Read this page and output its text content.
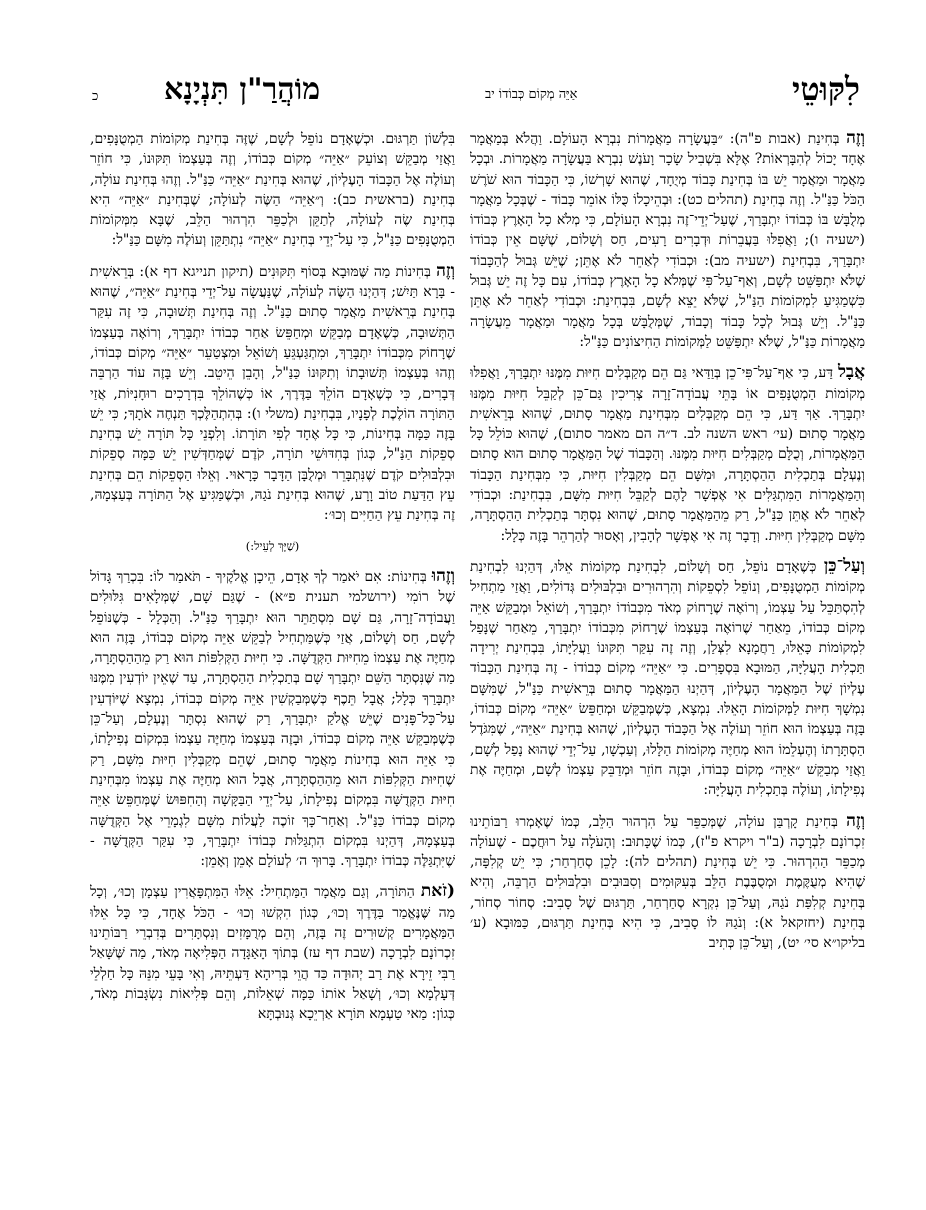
לִקּוּטֵי
אַיֵּה מְקוֹם כְּבוֹדוֹ יב
מוֹהֲרַ"ן תִּנְיָנָא
כ

וְזֶה בְּחִינַת (אבות פ"ה): ״בַּעֲשָׂרָה מַאֲמָרוֹת נִבְרָא הָעוֹלָם. וַהֲלֹא בְּמַאֲמָר אֶחָד יָכוֹל לְהִבָּרְאוֹת? אֶלָּא בִּשְׁבִיל שָׂכָר וָעֹנֶשׁ נִבְרָא בַּעֲשָׂרָה מַאֲמָרוֹת. וּבְכָל מַאֲמָר וּמַאֲמָר יֵשׁ בּוֹ בְּחִינַת כָּבוֹד מְיֻחָד, שֶׁהוּא שָׁרְשׁוֹ, כִּי הַכָּבוֹד הוּא שֹׁרֶשׁ הַכֹּל כַּנַּ"ל. וְזֶה בְּחִינַת (תהלים כט): וּבְהֵיכָלוֹ כֻּלּוֹ אוֹמֵר כָּבוֹד - שֶׁבְּכָל מַאֲמָר מְלֻבָּשׁ בּוֹ כְּבוֹדוֹ יִתְבָּרַךְ, שֶׁעַל־יְדֵי־זֶה נִבְרָא הָעוֹלָם, כִּי מְלֹא כָל הָאָרֶץ כְּבוֹדוֹ (ישעיה ו); וַאֲפִלּוּ בַּעֲבֵרוֹת וּדְבָרִים רָעִים, חַס וְשָׁלוֹם, שֶׁשָּׁם אֵין כְּבוֹדוֹ יִתְבָּרַךְ, בִּבְחִינַת (ישעיה מב): וּכְבוֹדִי לְאַחֵר לֹא אֶתֵּן; שֶׁיֵּשׁ גְּבוּל לְהַכָּבוֹד שֶׁלֹּא יִתְפַּשֵּׁט לְשָׁם, וְאַף־עַל־פִּי שֶׁמְּלֹא כָל הָאָרֶץ כְּבוֹדוֹ, עִם כָּל זֶה יֵשׁ גְּבוּל כִּשְׁמַגִּיעַ לִמְקוֹמוֹת הַנַּ"ל, שֶׁלֹּא יֵצֵא לְשָׁם, בִּבְחִינַת: וּכְבוֹדִי לְאַחֵר לֹא אֶתֵּן כַּנַּ"ל. וְיֵשׁ גְּבוּל לְכָל כָּבוֹד וְכָבוֹד, שֶׁמְּלֻבָּשׁ בְּכָל מַאֲמָר וּמַאֲמָר מֵעֲשָׂרָה מַאֲמָרוֹת כַּנַּ"ל, שֶׁלֹּא יִתְפַּשֵּׁט לַמְּקוֹמוֹת הַחִיצוֹנִים כַּנַּ"ל:

אֲבָל דַּע, כִּי אַף־עַל־פִּי־כֵן בְּוַדַּאי גַּם הֵם מְקַבְּלִים חִיּוּת מִמֶּנּוּ יִתְבָּרַךְ, וַאֲפִלּוּ מְקוֹמוֹת הַמְטֻנָּפִים אוֹ בָּתֵּי עֲבוֹדָה־זָרָה צְרִיכִין גַּם־כֵּן לְקַבֵּל חִיּוּת מִמֶּנּוּ יִתְבָּרַךְ. אַךְ דַּע, כִּי הֵם מְקַבְּלִים מִבְּחִינַת מַאֲמָר סָתוּם, שֶׁהוּא בְּרֵאשִׁית מַאֲמָר סָתוּם (עי׳ ראש השנה לב. ד״ה הם מאמר סתום), שֶׁהוּא כּוֹלֵל כָּל הַמַּאֲמָרוֹת, וְכֻלָּם מְקַבְּלִים חִיּוּת מִמֶּנּוּ. וְהַכָּבוֹד שֶׁל הַמַּאֲמָר סָתוּם הוּא סָתוּם וְנֶעְלָם בְּתַכְלִית הַהַסְתָּרָה, וּמִשָּׁם הֵם מְקַבְּלִין חִיּוּת, כִּי מִבְּחִינַת הַכָּבוֹד וְהַמַּאֲמָרוֹת הַמִּתְגַּלִּים אִי אֶפְשָׁר לָהֶם לְקַבֵּל חִיּוּת מִשָּׁם, בִּבְחִינַת: וּכְבוֹדִי לְאַחֵר לֹא אֶתֵּן כַּנַּ"ל, רַק מֵהַמַּאֲמָר סָתוּם, שֶׁהוּא נִסְתָּר בְּתַכְלִית הַהַסְתָּרָה, מִשָּׁם מְקַבְּלִין חִיּוּת. וְדָבָר זֶה אִי אֶפְשָׁר לְהָבִין, וְאָסוּר לְהַרְהֵר בָּזֶה כְּלָל:

וְעַל־כֵּן כְּשֶׁאָדָם נוֹפֵל, חַס וְשָׁלוֹם, לִבְחִינַת מְקוֹמוֹת אֵלּוּ, דְּהַיְנוּ לִבְחִינַת מְקוֹמוֹת הַמְטֻנָּפִים, וְנוֹפֵל לִסְפֵקוֹת וְהִרְהוּרִים וּבִלְבּוּלִים גְּדוֹלִים, וַאֲזַי מַתְחִיל לְהִסְתַּכֵּל עַל עַצְמוֹ, וְרוֹאֶה שֶׁרָחוֹק מְאֹד מִכְּבוֹדוֹ יִתְבָּרַךְ, וְשׁוֹאֵל וּמְבַקֵּשׁ אַיֵּה מְקוֹם כְּבוֹדוֹ, מֵאַחַר שֶׁרוֹאֶה בְּעַצְמוֹ שֶׁרָחוֹק מִכְּבוֹדוֹ יִתְבָּרַךְ, מֵאַחַר שֶׁנָּפַל לִמְקוֹמוֹת כָּאֵלּוּ, רַחֲמָנָא לִצְּלַן, וְזֶה זֶה עִקַּר תִּקּוּנוֹ וַעֲלִיָּתוֹ, בִּבְחִינַת יְרִידָה תַּכְלִית הָעֲלִיָּה, הַמּוּבָא בִּסְפָרִים. כִּי ״אַיֵּה״ מְקוֹם כְּבוֹדוֹ - זֶה בְּחִינַת הַכָּבוֹד עֶלְיוֹן שֶׁל הַמַּאֲמָר הָעֶלְיוֹן, דְּהַיְנוּ הַמַּאֲמָר סָתוּם בְּרֵאשִׁית כַּנַּ"ל, שֶׁמִּשָּׁם נִמְשָׁךְ חִיּוּת לַמְּקוֹמוֹת הָאֵלּוּ. נִמְצָא, כְּשֶׁמְּבַקֵּשׁ וּמְחַפֵּשׂ ״אַיֵּה״ מְקוֹם כְּבוֹדוֹ, בָּזֶה בְּעַצְמוֹ הוּא חוֹזֵר וְעוֹלֶה אֶל הַכָּבוֹד הָעֶלְיוֹן, שֶׁהוּא בְּחִינַת ״אַיֵּה״, שֶׁמִּגֹּדֶל הַסְתָּרָתוֹ וְהֶעְלֵמוֹ הוּא מְחַיֶּה מְקוֹמוֹת הַלָּלוּ, וְעַכְשָׁו, עַל־יְדֵי שֶׁהוּא נָפַל לְשָׁם, וַאֲזַי מְבַקֵּשׁ ״אַיֵּה״ מְקוֹם כְּבוֹדוֹ, וּבָזֶה חוֹזֵר וּמְדַבֵּק עַצְמוֹ לְשָׁם, וּמְחַיֶּה אֶת נְפִילָתוֹ, וְעוֹלֶה בְּתַכְלִית הָעֲלִיָּה:

וְזֶה בְּחִינַת קָרְבַּן עוֹלָה, שֶׁמְּכַפֵּר עַל הִרְהוּר הַלֵּב, כְּמוֹ שֶׁאָמְרוּ רַבּוֹתֵינוּ זִכְרוֹנָם לִבְרָכָה (ב"ר ויקרא פ"ז), כְּמוֹ שֶׁכָּתוּב: וְהָעֹלָה עַל רוּחֲכֶם - שֶׁעוֹלָה מְכַפֵּר הַהִרְהוּר. כִּי יֵשׁ בְּחִינַת (תהלים לה): לָכֵן סְחַרְחַר; כִּי יֵשׁ קְלִפָּה, שֶׁהִיא מְעֻקֶּמֶת וּמְסֻבֶּבֶת הַלֵּב בְּעִקּוּמִים וְסִבּוּבִים וּבִלְבּוּלִים הַרְבֵּה, וְהִיא בְּחִינַת קְלִפַּת נֹגַהּ, וְעַל־כֵּן נִקְרָא סְחַרְחַר, תַּרְגּוּם שֶׁל סָבִיב: סְחוֹר סְחוֹר, בְּחִינַת (יחזקאל א): וְנֹגַהּ לוֹ סָבִיב, כִּי הִיא בְּחִינַת תַּרְגּוּם, כַּמּוּבָא (ע׳ בליקו״א סי׳ יט), וְעַל־כֵּן כְּתִיב

בִּלְשׁוֹן תַּרְגּוּם. וּכְשֶׁאָדָם נוֹפֵל לְשָׁם, שֶׁזֶּה בְּחִינַת מְקוֹמוֹת הַמְטֻנָּפִים, וַאֲזַי מְבַקֵּשׁ וְצוֹעֵק ״אַיֵּה״ מְקוֹם כְּבוֹדוֹ, וְזֶה בְּעַצְמוֹ תִּקּוּנוֹ, כִּי חוֹזֵר וְעוֹלֶה אֶל הַכָּבוֹד הָעֶלְיוֹן, שֶׁהוּא בְּחִינַת ״אַיֵּה״ כַּנַּ"ל. וְזֶהוּ בְּחִינַת עוֹלָה, בְּחִינַת (בראשית כב): וְ״אַיֵּה״ הַשֶּׂה לְעוֹלָה; שֶׁבְּחִינַת ״אַיֵּה״ הִיא בְּחִינַת שֶׂה לְעוֹלָה, לְתַקֵּן וּלְכַפֵּר הִרְהוּר הַלֵּב, שֶׁבָּא מִמְּקוֹמוֹת הַמְטֻנָּפִים כַּנַּ"ל, כִּי עַל־יְדֵי בְּחִינַת ״אַיֵּה״ נִתְתַּקֵּן וְעוֹלֶה מִשָּׁם כַּנַּ"ל:

וְזֶה בְּחִינוֹת מַה שֶּׁמּוּבָא בְּסוֹף תִּקּוּנִים (תיקון תנייגא דף א): בְּרֵאשִׁית - בָּרָא תַּיִשׁ; דְּהַיְנוּ הַשֶּׂה לְעוֹלָה, שֶׁנַּעֲשָׂה עַל־יְדֵי בְּחִינַת ״אַיֵּה״, שֶׁהוּא בְּחִינַת בְּרֵאשִׁית מַאֲמָר סָתוּם כַּנַּ"ל. וְזֶה בְּחִינַת תְּשׁוּבָה, כִּי זֶה עִקַּר הַתְּשׁוּבָה, כְּשֶׁאָדָם מְבַקֵּשׁ וּמְחַפֵּשׂ אַחַר כְּבוֹדוֹ יִתְבָּרַךְ, וְרוֹאֶה בְּעַצְמוֹ שֶׁרָחוֹק מִכְּבוֹדוֹ יִתְבָּרַךְ, וּמִתְגַּעְגֵּעַ וְשׁוֹאֵל וּמִצְטַעֵר ״אַיֵּה״ מְקוֹם כְּבוֹדוֹ, וְזֶהוּ בְּעַצְמוֹ תְּשׁוּבָתוֹ וְתִקּוּנוֹ כַּנַּ"ל, וְהָבֵן הֵיטֵב. וְיֵשׁ בָּזֶה עוֹד הַרְבֵּה דְּבָרִים, כִּי כְּשֶׁאָדָם הוֹלֵךְ בַּדֶּרֶךְ, אוֹ כְּשֶׁהוֹלֵךְ בִּדְרָכִים רוּחָנִיּוֹת, אֲזַי הַתּוֹרָה הוֹלֶכֶת לְפָנָיו, בִּבְחִינַת (משלי ו): בְּהִתְהַלֶּכְךָ תַּנְחֶה אֹתָךְ; כִּי יֵשׁ בָּזֶה כַּמָּה בְּחִינוֹת, כִּי כָּל אֶחָד לְפִי תּוֹרָתוֹ. וְלִפְנֵי כָּל תּוֹרָה יֵשׁ בְּחִינַת סְפֵקוֹת הַנַּ"ל, כְּגוֹן בְּחִדּוּשֵׁי תוֹרָה, קֹדֶם שֶׁמְּחַדְּשִׁין יֵשׁ כַּמָּה סְפֵקוֹת וּבִלְבּוּלִים קֹדֶם שֶׁנִּתְבָּרֵר וּמְלֻבָּן הַדָּבָר כָּרָאוּי. וְאֵלּוּ הַסְּפֵקוֹת הֵם בְּחִינַת עֵץ הַדַּעַת טוֹב וָרָע, שֶׁהוּא בְּחִינַת נֹגַהּ, וּכְשֶׁמַּגִּיעַ אֶל הַתּוֹרָה בְּעַצְמָהּ, זֶה בְּחִינַת עֵץ הַחַיִּים וְכוּ׳:

(שַׁיָּךְ לְעֵיל:)

וְזֶהוּ בְּחִינוֹת: אִם יֹאמַר לְךָ אָדָם, הֵיכָן אֱלֹקֶיךָ - תֹּאמַר לוֹ: בִּכְרַךְ גָּדוֹל שֶׁל רוֹמִי (ירושלמי תענית פ״א) - שֶׁגַּם שָׁם, שֶׁמְּלָאִים גִּלּוּלִים וַעֲבוֹדָה־זָרָה, גַּם שָׁם מִסְתַּתֵּר הוּא יִתְבָּרַךְ כַּנַּ"ל. וְהַכְּלָל - כְּשֶׁנּוֹפֵל לְשָׁם, חַס וְשָׁלוֹם, אֲזַי כְּשֶׁמַּתְחִיל לְבַקֵּשׁ אַיֵּה מְקוֹם כְּבוֹדוֹ, בָּזֶה הוּא מְחַיֶּה אֶת עַצְמוֹ מֵחִיּוּת הַקְּדֻשָּׁה. כִּי חִיּוּת הַקְּלִפּוֹת הוּא רַק מֵהַהַסְתָּרָה, מַה שֶּׁנִּסְתָּר הַשֵּׁם יִתְבָּרַךְ שָׁם בְּתַכְלִית הַהַסְתָּרָה, עַד שֶׁאֵין יוֹדְעִין מִמֶּנּוּ יִתְבָּרַךְ כְּלָל; אֲבָל תֵּכֶף כְּשֶׁמְּבַקְשִׁין אַיֵּה מְקוֹם כְּבוֹדוֹ, נִמְצָא שֶׁיּוֹדְעִין עַל־כָּל־פָּנִים שֶׁיֵּשׁ אֱלֹקַ יִתְבָּרַךְ, רַק שֶׁהוּא נִסְתָּר וְנֶעְלָם, וְעַל־כֵּן כְּשֶׁמְּבַקֵּשׁ אַיֵּה מְקוֹם כְּבוֹדוֹ, וּבָזֶה בְּעַצְמוֹ מְחַיֶּה עַצְמוֹ בִּמְקוֹם נְפִילָתוֹ, כִּי אַיֵּה הוּא בְּחִינוֹת מַאֲמָר סָתוּם, שֶׁהֵם מְקַבְּלִין חִיּוּת מִשָּׁם, רַק שֶׁחִיּוּת הַקְּלִפּוֹת הוּא מֵהַהַסְתָּרָה, אֲבָל הוּא מְחַיֶּה אֶת עַצְמוֹ מִבְּחִינַת חִיּוּת הַקְּדֻשָּׁה בִּמְקוֹם נְפִילָתוֹ, עַל־יְדֵי הַבַּקָּשָׁה וְהַחִפּוּשׂ שֶׁמְּחַפֵּשׂ אַיֵּה מְקוֹם כְּבוֹדוֹ כַּנַּ"ל. וְאַחַר־כָּךְ זוֹכֶה לַעֲלוֹת מִשָּׁם לִגְמָרֵי אֶל הַקְּדֻשָּׁה בְּעַצְמָהּ, דְּהַיְנוּ בִּמְקוֹם הִתְגַּלּוּת כְּבוֹדוֹ יִתְבָּרַךְ, כִּי עִקַּר הַקְּדֻשָּׁה - שֶׁיִּתְגַּלֶּה כְּבוֹדוֹ יִתְבָּרַךְ. בָּרוּךְ ה׳ לְעוֹלָם אָמֵן וְאָמֵן:

(זֹאת הַתּוֹרָה, וְגַם מַאֲמָר הַמַּתְחִיל: אֵלּוּ הַמִּתְפָּאֲרִין עַצְמָן וְכוּ׳, וְכָל מַה שֶּׁנֶּאֱמַר בַּדֶּרֶךְ וְכוּ׳, כְּגוֹן הִקְשׁוּ וְכוּ׳ - הַכֹּל אֶחָד, כִּי כָּל אֵלּוּ הַמַּאֲמָרִים קְשׁוּרִים זֶה בָּזֶה, וְהֵם מְרֻמָּזִים וְנִסְתָּרִים בְּדִבְרֵי רַבּוֹתֵינוּ זִכְרוֹנָם לִבְרָכָה (שבת דף עז) בְּתוֹךְ הָאַגָּדָה הַפְּלִיאָה מְאֹד, מַה שֶּׁשָּׁאַל רַבִּי זֵירָא אֶת רַב יְהוּדָה כַּד הֲוֵי בְּרִיהָא דַּעְתֵּיהּ, וְאִי בָּעֵי מִנֵּהּ כָּל חַלְלֵי דְּעָלְמָא וְכוּ׳, וְשָׁאַל אוֹתוֹ כַּמָּה שְׁאֵלוֹת, וְהֵם פְּלִיאוֹת נִשְׂגָּבוֹת מְאֹד, כְּגוֹן: מַאי טַעְמָא תּוֹרָא אַרְיֵכָא גְּנוּבְתָּא
